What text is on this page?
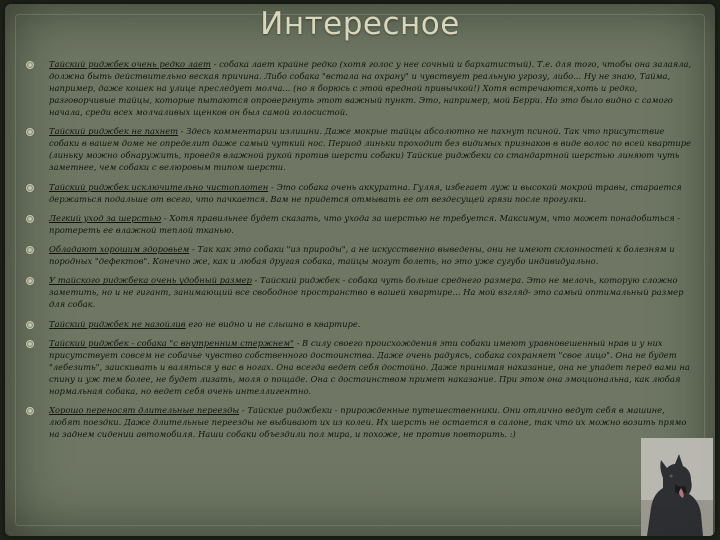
Интересное
Тайский риджбек очень редко лает - собака лает крайне редко (хотя голос у нее сочный и бархатистый). Т.е. для того, чтобы она залаяла, должна быть действительно веская причина. Либо собака "встала на охрану" и чувствует реальную угрозу, либо... Ну не знаю, Тайма, например, даже кошек на улице преследует молча... (но я борюсь с этой вредной привычкой!) Хотя встречаются,хоть и редко, разговорчивые тайцы, которые пытаются опровергнуть этот важный пункт. Это, например, мой Берри. Но это было видно с самого начала, среди всех молчаливых щенков он был самой голосистой.
Тайский риджбек не пахнет - Здесь комментарии излишни. Даже мокрые тайцы абсолютно не пахнут псиной. Так что присутствие собаки в вашем доме не определит даже самый чуткий нос. Период линьки проходит без видимых признаков в виде волос по всей квартире (линьку можно обнаружить, проведя влажной рукой против шерсти собаки) Тайские риджбеки со стандартной шерстью линяют чуть заметнее, чем собаки с велюровым типом шерсти.
Тайский риджбек исключительно чистоплотен - Это собака очень аккуратна. Гуляя, избегает луж и высокой мокрой травы, старается держаться подальше от всего, что пачкается. Вам не придется отмывать ее от вездесущей грязи после прогулки.
Легкий уход за шерстью - Хотя правильнее будет сказать, что ухода за шерстью не требуется. Максимум, что может понадобиться - протереть ее влажной теплой тканью.
Обладают хорошим здоровьем - Так как это собаки "из природы", а не искусственно выведены, они не имеют склонностей к болезням и породных "дефектов". Конечно же, как и любая другая собака, тайцы могут болеть, но это уже сугубо индивидуально.
У тайского риджбека очень удобный размер - Тайский риджбек - собака чуть больше среднего размера. Это не мелочь, которую сложно заметить, но и не гигант, занимающий все свободное пространство в вашей квартире... На мой взгляд- это самый оптимальный размер для собак.
Тайский риджбек не назойлив его не видно и не слышно в квартире.
Тайский риджбек - собака "с внутренним стержнем" - В силу своего происхождения эти собаки имеют уравновешенный нрав и у них присутствует совсем не собачье чувство собственного достоинства. Даже очень радуясь, собака сохраняет "свое лицо". Она не будет "лебезить", заискивать и валяться у вас в ногах. Она всегда ведет себя достойно. Даже принимая наказание, она не упадет перед вами на спину и уж тем более, не будет лизать, моля о пощаде. Она с достоинством примет наказание. При этом она эмоциональна, как любая нормальная собака, но ведет себя очень интеллигентно.
Хорошо переносят длительные переезды - Тайские риджбеки - прирожденные путешественники. Они отлично ведут себя в машине, любят поездки. Даже длительные переезды не выбивают их из колеи. Их шерсть не остается в салоне, так что их можно возить прямо на заднем сидении автомобиля. Наши собаки объездили пол мира, и похоже, не против повторить. :)
